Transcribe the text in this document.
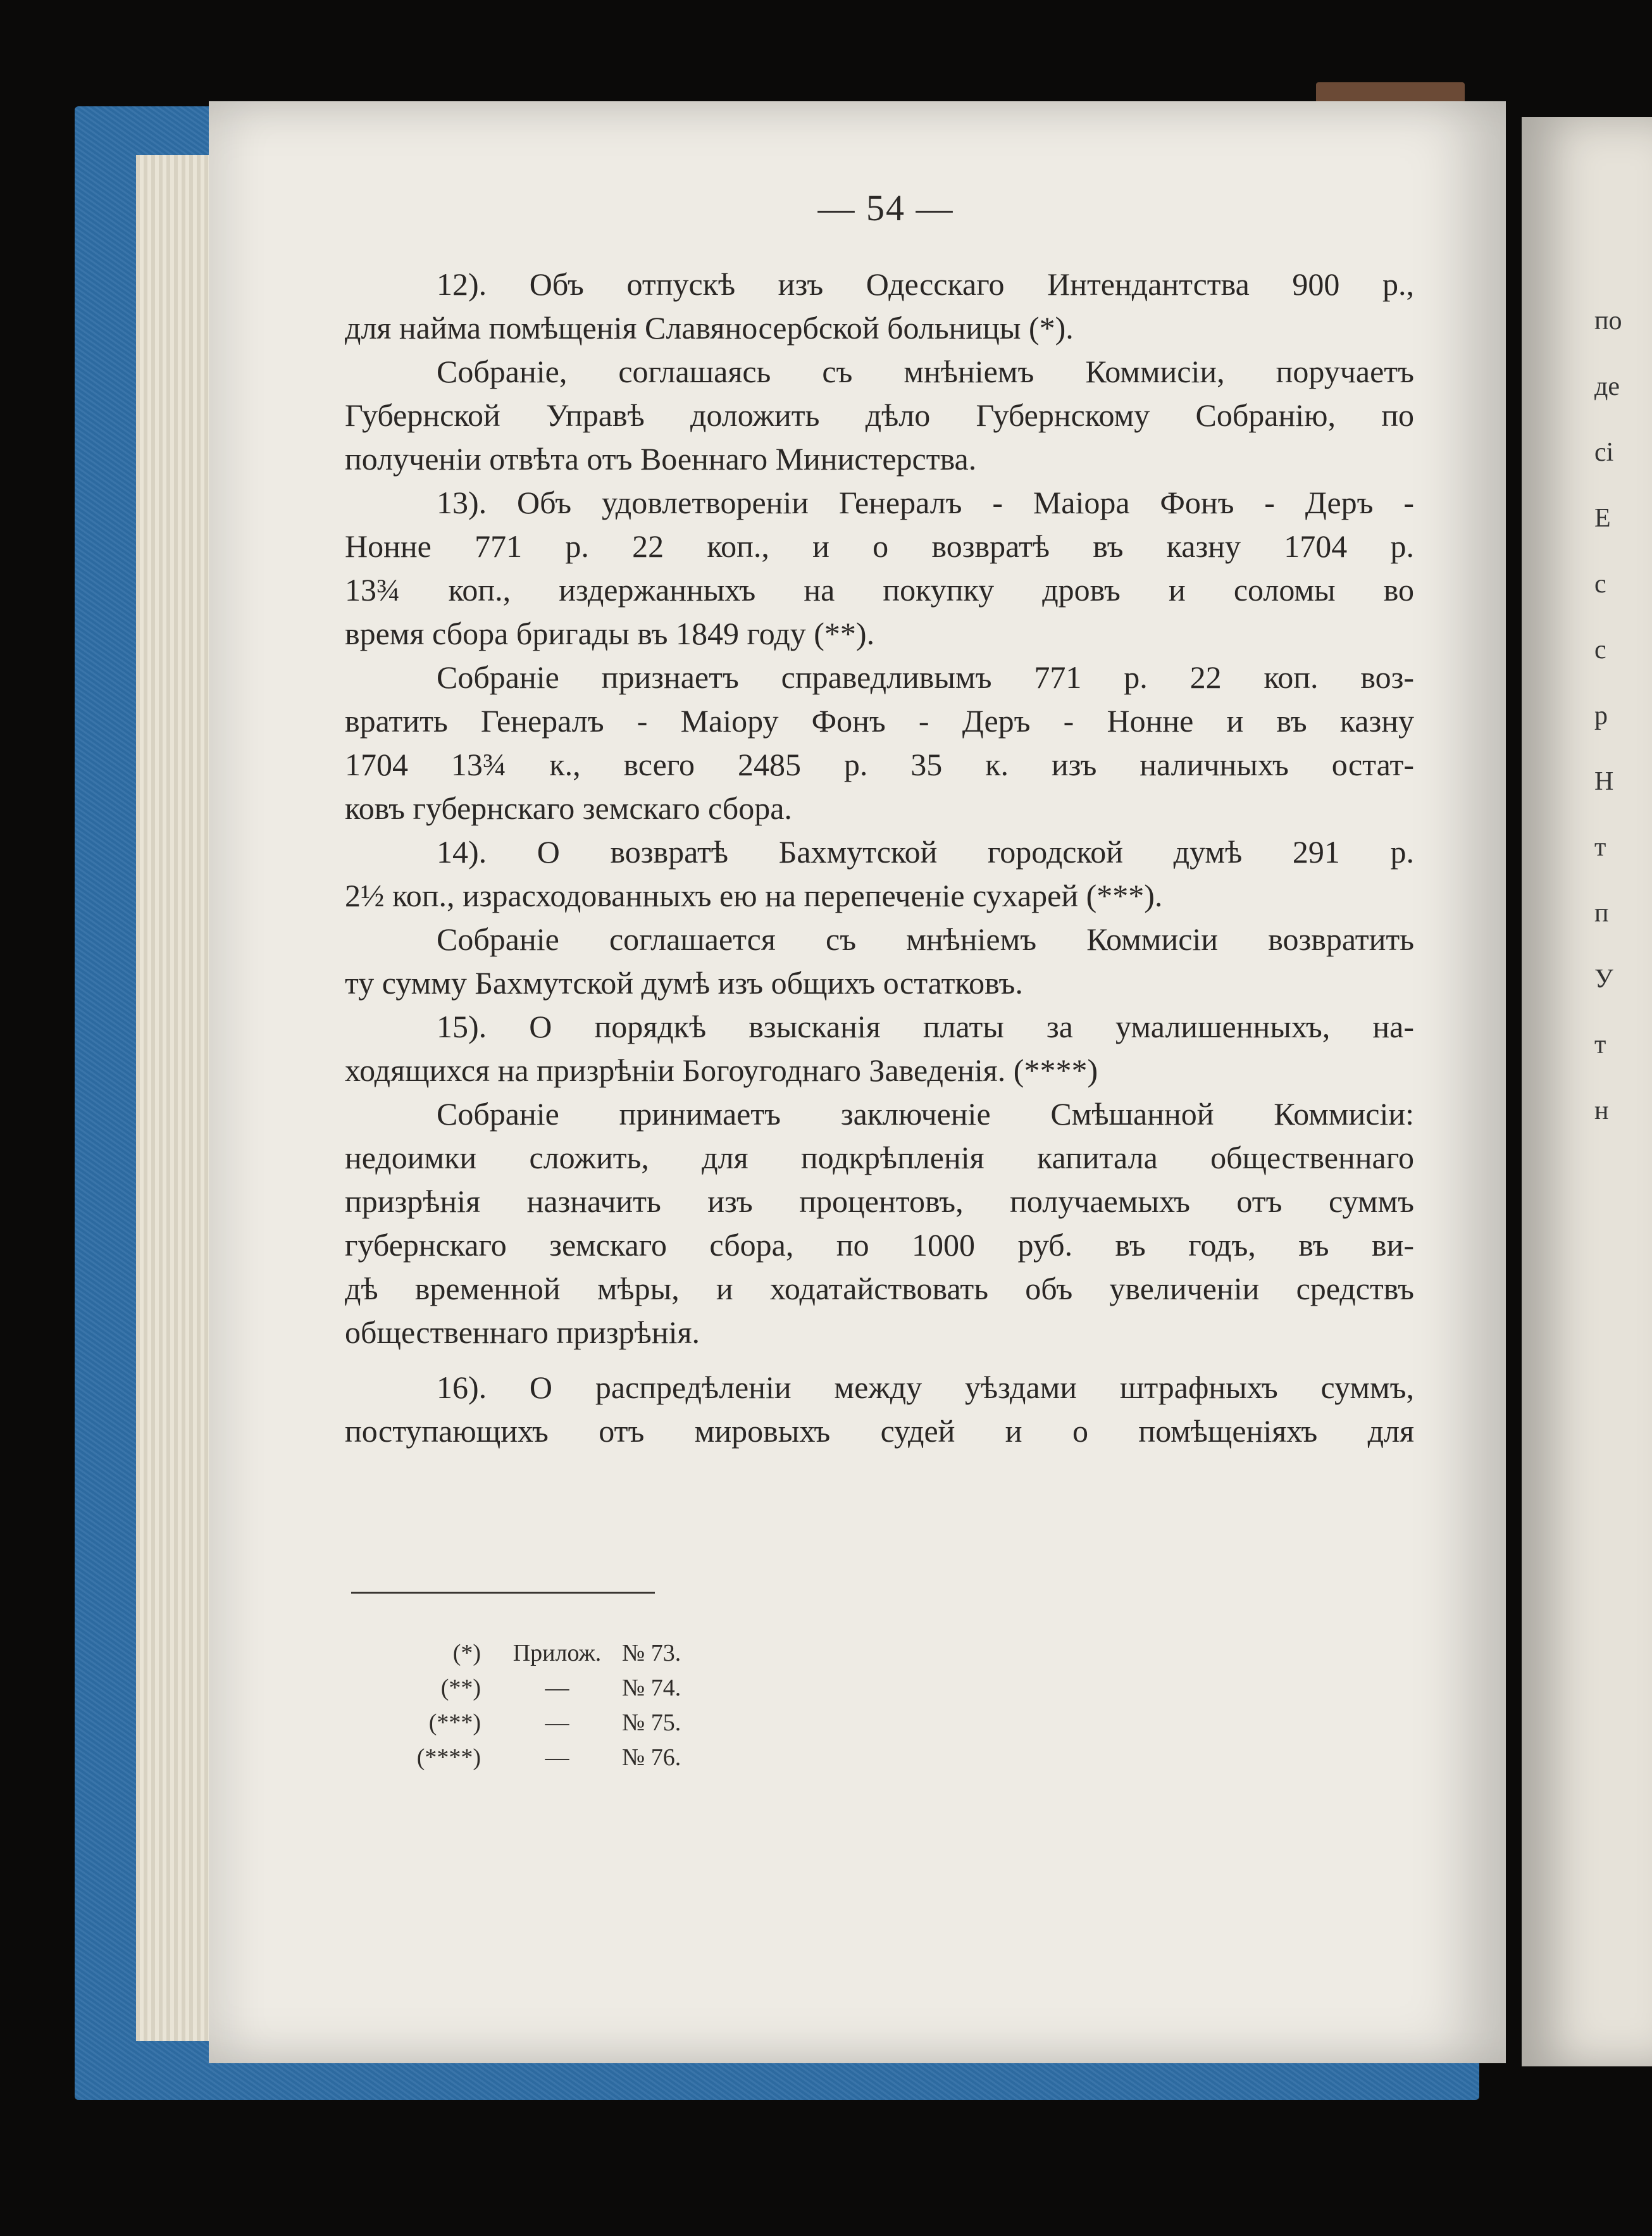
— 54 —
12). Объ отпускѣ изъ Одесскаго Интендантства 900 р.,
для найма помѣщенія Славяносербской больницы (*).
Собраніе, соглашаясь съ мнѣніемъ Коммисіи, поручаетъ
Губернской Управѣ доложить дѣло Губернскому Собранію, по
полученіи отвѣта отъ Военнаго Министерства.
13). Объ удовлетвореніи Генералъ - Маіора Фонъ - Деръ -
Нонне 771 р. 22 коп., и о возвратѣ въ казну 1704 р.
13¾ коп., издержанныхъ на покупку дровъ и соломы во
время сбора бригады въ 1849 году (**).
Собраніе признаетъ справедливымъ 771 р. 22 коп. воз-
вратить Генералъ - Маіору Фонъ - Деръ - Нонне и въ казну
1704 13¾ к., всего 2485 р. 35 к. изъ наличныхъ остат-
ковъ губернскаго земскаго сбора.
14). О возвратѣ Бахмутской городской думѣ 291 р.
2½ коп., израсходованныхъ ею на перепеченіе сухарей (***).
Собраніе соглашается съ мнѣніемъ Коммисіи возвратить
ту сумму Бахмутской думѣ изъ общихъ остатковъ.
15). О порядкѣ взысканія платы за умалишенныхъ, на-
ходящихся на призрѣніи Богоугоднаго Заведенія. (****)
Собраніе принимаетъ заключеніе Смѣшанной Коммисіи:
недоимки сложить, для подкрѣпленія капитала общественнаго
призрѣнія назначить изъ процентовъ, получаемыхъ отъ суммъ
губернскаго земскаго сбора, по 1000 руб. въ годъ, въ ви-
дѣ временной мѣры, и ходатайствовать объ увеличеніи средствъ
общественнаго призрѣнія.
16). О распредѣленіи между уѣздами штрафныхъ суммъ,
поступающихъ отъ мировыхъ судей и о помѣщеніяхъ для
(*)	Прилож. № 73.
(**)	—	№ 74.
(***)	—	№ 75.
(****)	—	№ 76.
по
де
сі
Е
с
с
р
Н
т
п
У
т
н
